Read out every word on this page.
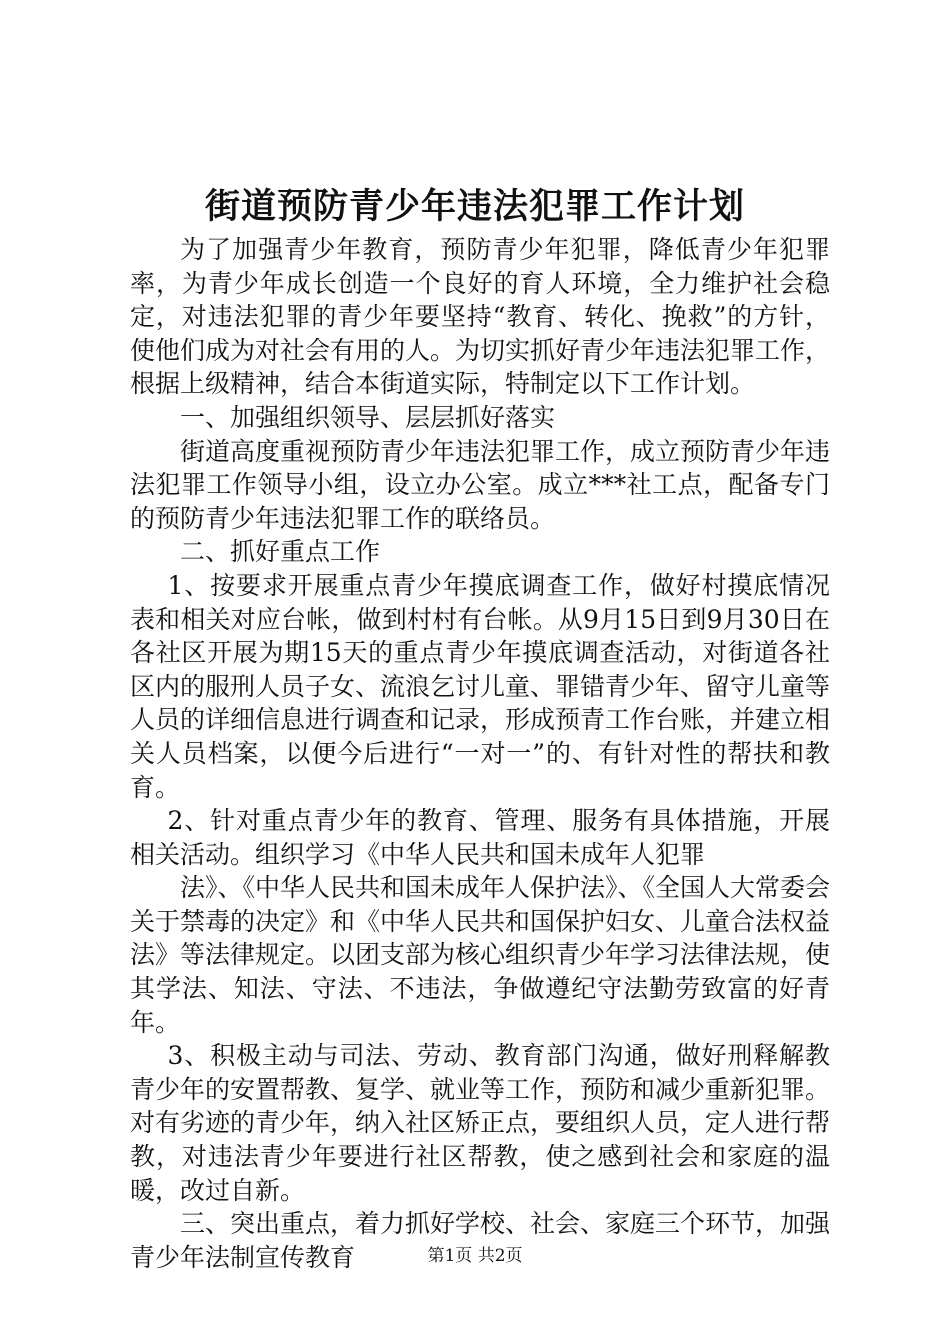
街道预防青少年违法犯罪工作计划

为了加强青少年教育，预防青少年犯罪，降低青少年犯罪率，为青少年成长创造一个良好的育人环境，全力维护社会稳定，对违法犯罪的青少年要坚持“教育、转化、挽救”的方针，使他们成为对社会有用的人。为切实抓好青少年违法犯罪工作，根据上级精神，结合本街道实际，特制定以下工作计划。

一、加强组织领导、层层抓好落实

街道高度重视预防青少年违法犯罪工作，成立预防青少年违法犯罪工作领导小组，设立办公室。成立***社工点，配备专门的预防青少年违法犯罪工作的联络员。

二、抓好重点工作

1、按要求开展重点青少年摸底调查工作，做好村摸底情况表和相关对应台帐，做到村村有台帐。从9月15日到9月30日在各社区开展为期15天的重点青少年摸底调查活动，对街道各社区内的服刑人员子女、流浪乞讨儿童、罪错青少年、留守儿童等人员的详细信息进行调查和记录，形成预青工作台账，并建立相关人员档案，以便今后进行“一对一”的、有针对性的帮扶和教育。

2、针对重点青少年的教育、管理、服务有具体措施，开展相关活动。组织学习《中华人民共和国未成年人犯罪

法》、《中华人民共和国未成年人保护法》、《全国人大常委会关于禁毒的决定》和《中华人民共和国保护妇女、儿童合法权益法》等法律规定。以团支部为核心组织青少年学习法律法规，使其学法、知法、守法、不违法，争做遵纪守法勤劳致富的好青年。

3、积极主动与司法、劳动、教育部门沟通，做好刑释解教青少年的安置帮教、复学、就业等工作，预防和减少重新犯罪。对有劣迹的青少年，纳入社区矫正点，要组织人员，定人进行帮教，对违法青少年要进行社区帮教，使之感到社会和家庭的温暖，改过自新。

三、突出重点，着力抓好学校、社会、家庭三个环节，加强青少年法制宣传教育	第1页 共2页
